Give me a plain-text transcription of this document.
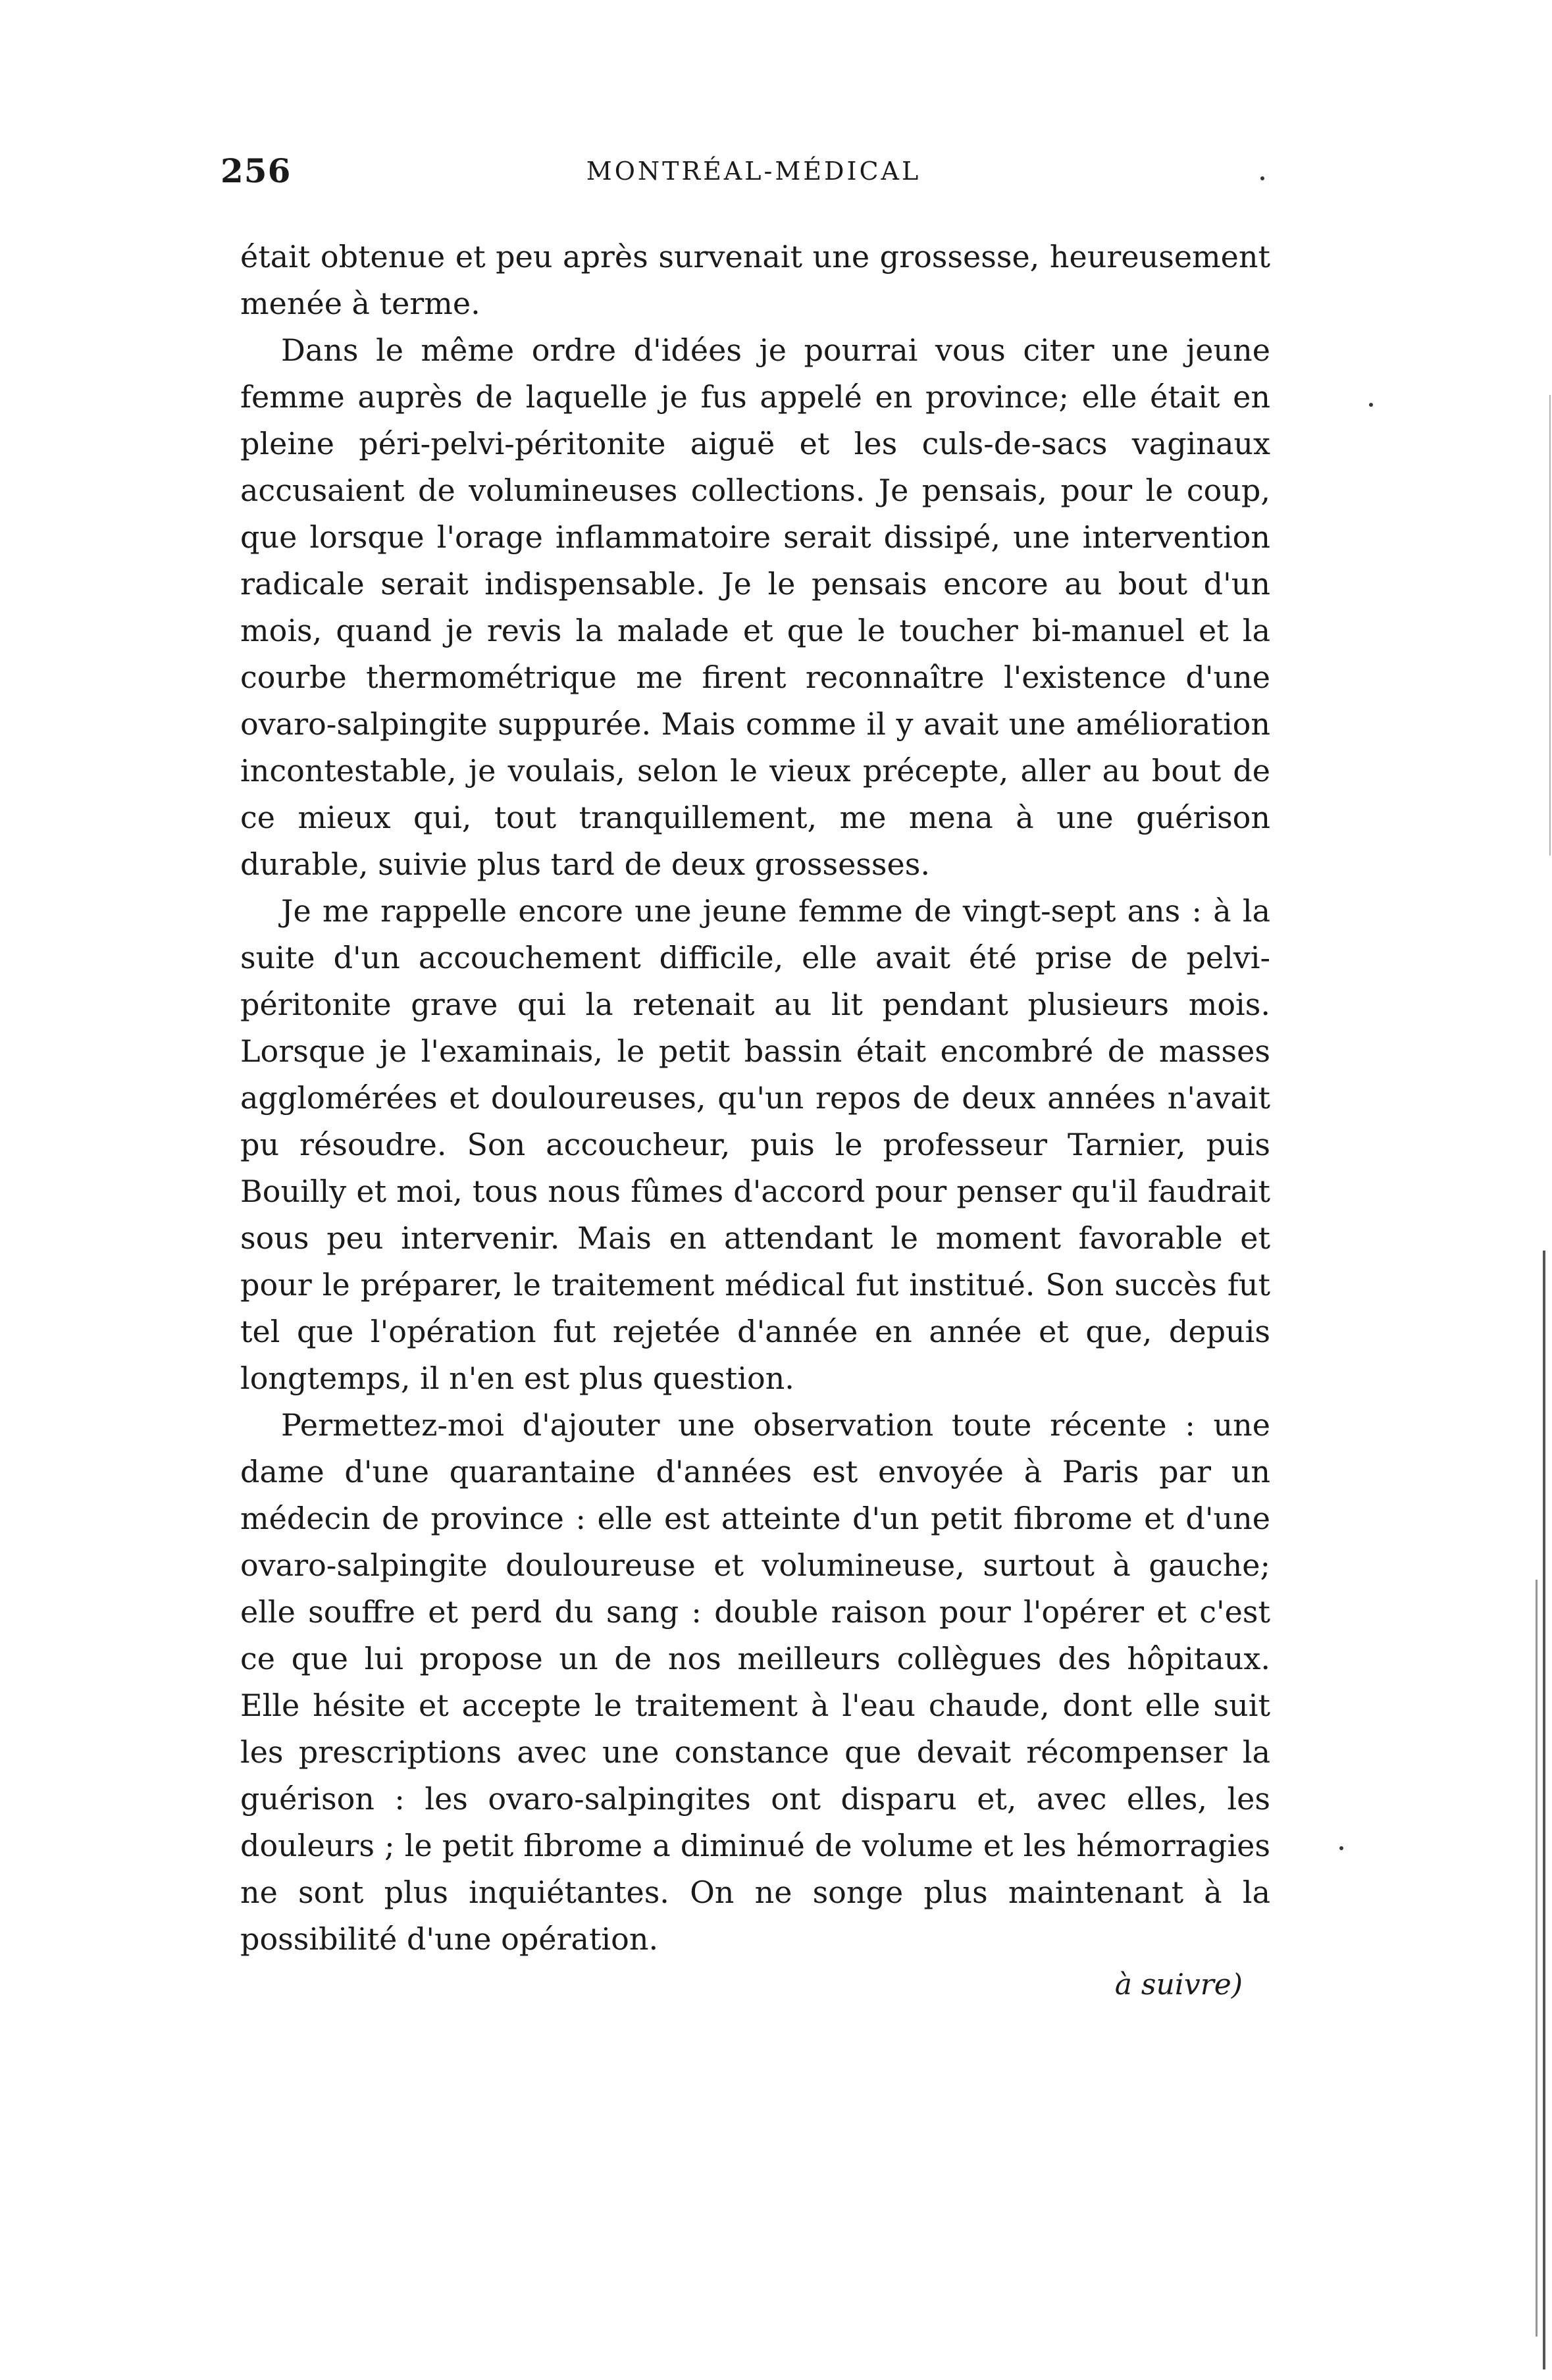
256	MONTRÉAL-MÉDICAL

était obtenue et peu après survenait une grossesse, heureusement menée à terme.

Dans le même ordre d'idées je pourrai vous citer une jeune femme auprès de laquelle je fus appelé en province; elle était en pleine péri-pelvi-péritonite aiguë et les culs-de-sacs vaginaux accusaient de volumineuses collections. Je pensais, pour le coup, que lorsque l'orage inflammatoire serait dissipé, une intervention radicale serait indispensable. Je le pensais encore au bout d'un mois, quand je revis la malade et que le toucher bi-manuel et la courbe thermométrique me firent reconnaître l'existence d'une ovaro-salpingite suppurée. Mais comme il y avait une amélioration incontestable, je voulais, selon le vieux précepte, aller au bout de ce mieux qui, tout tranquillement, me mena à une guérison durable, suivie plus tard de deux grossesses.

Je me rappelle encore une jeune femme de vingt-sept ans : à la suite d'un accouchement difficile, elle avait été prise de pelvi-péritonite grave qui la retenait au lit pendant plusieurs mois. Lorsque je l'examinais, le petit bassin était encombré de masses agglomérées et douloureuses, qu'un repos de deux années n'avait pu résoudre. Son accoucheur, puis le professeur Tarnier, puis Bouilly et moi, tous nous fûmes d'accord pour penser qu'il faudrait sous peu intervenir. Mais en attendant le moment favorable et pour le préparer, le traitement médical fut institué. Son succès fut tel que l'opération fut rejetée d'année en année et que, depuis longtemps, il n'en est plus question.

Permettez-moi d'ajouter une observation toute récente : une dame d'une quarantaine d'années est envoyée à Paris par un médecin de province : elle est atteinte d'un petit fibrome et d'une ovaro-salpingite douloureuse et volumineuse, surtout à gauche; elle souffre et perd du sang : double raison pour l'opérer et c'est ce que lui propose un de nos meilleurs collègues des hôpitaux. Elle hésite et accepte le traitement à l'eau chaude, dont elle suit les prescriptions avec une constance que devait récompenser la guérison : les ovaro-salpingites ont disparu et, avec elles, les douleurs ; le petit fibrome a diminué de volume et les hémorragies ne sont plus inquiétantes. On ne songe plus maintenant à la possibilité d'une opération.

à suivre)
